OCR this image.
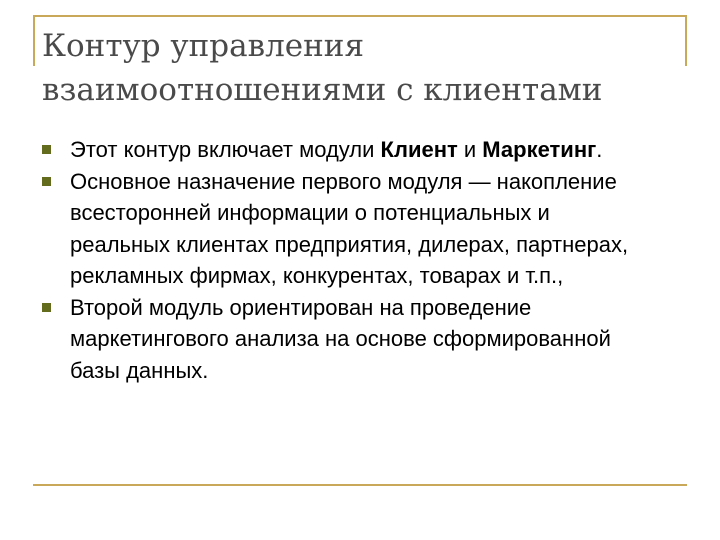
Контур управления
взаимоотношениями с клиентами
Этот контур включает модули Клиент и Маркетинг.
Основное назначение первого модуля — накопление всесторонней информации о потенциальных и реальных клиентах предприятия, дилерах, партнерах, рекламных фирмах, конкурентах, товарах и т.п.,
Второй модуль ориентирован на проведение маркетингового анализа на основе сформированной базы данных.
